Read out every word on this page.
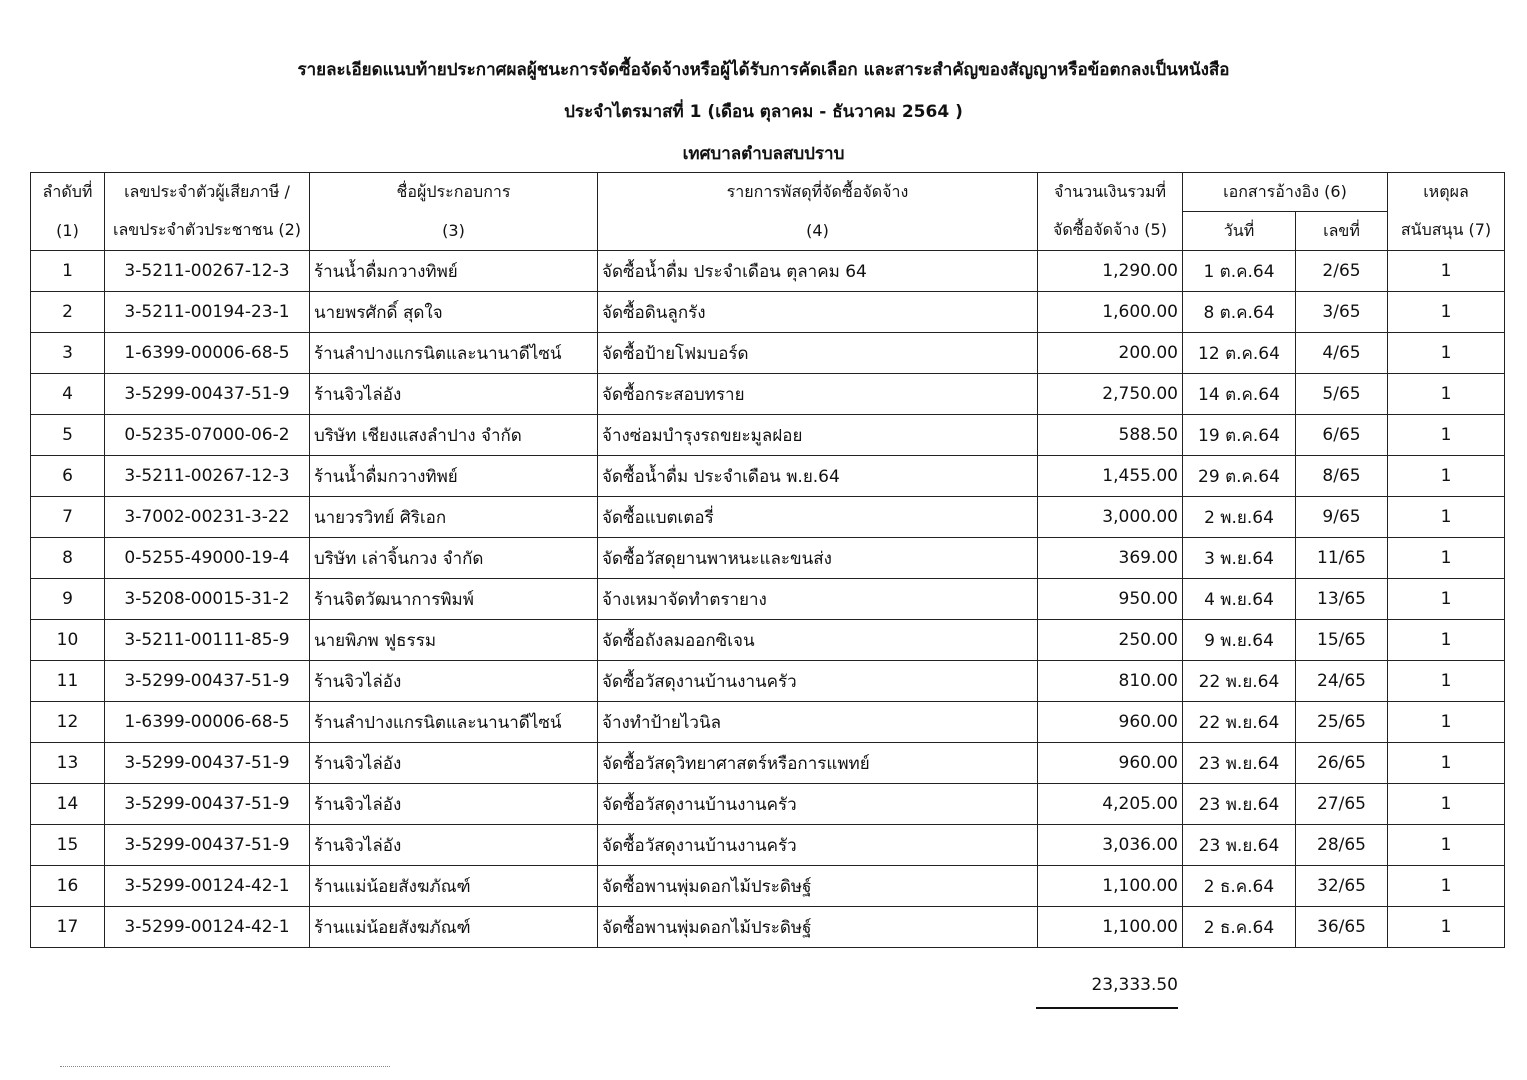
รายละเอียดแนบท้ายประกาศผลผู้ชนะการจัดซื้อจัดจ้างหรือผู้ได้รับการคัดเลือก และสาระสำคัญของสัญญาหรือข้อตกลงเป็นหนังสือ
ประจำไตรมาสที่ 1 (เดือน ตุลาคม - ธันวาคม 2564 )
เทศบาลตำบลสบปราบ
ลำดับที่	เลขประจำตัวผู้เสียภาษี /	ชื่อผู้ประกอบการ	รายการพัสดุที่จัดซื้อจัดจ้าง	จำนวนเงินรวมที่	เอกสารอ้างอิง (6)		เหตุผล
(1)	เลขประจำตัวประชาชน (2)	(3)	(4)	จัดซื้อจัดจ้าง (5)	วันที่	เลขที่	สนับสนุน (7)
1	3-5211-00267-12-3	ร้านน้ำดื่มกวางทิพย์	จัดซื้อน้ำดื่ม ประจำเดือน ตุลาคม 64	1,290.00	1 ต.ค.64	2/65	1
2	3-5211-00194-23-1	นายพรศักดิ์ สุดใจ	จัดซื้อดินลูกรัง	1,600.00	8 ต.ค.64	3/65	1
3	1-6399-00006-68-5	ร้านลำปางแกรนิตและนานาดีไซน์	จัดซื้อป้ายโฟมบอร์ด	200.00	12 ต.ค.64	4/65	1
4	3-5299-00437-51-9	ร้านจิวไล่อัง	จัดซื้อกระสอบทราย	2,750.00	14 ต.ค.64	5/65	1
5	0-5235-07000-06-2	บริษัท เชียงแสงลำปาง จำกัด	จ้างซ่อมบำรุงรถขยะมูลฝอย	588.50	19 ต.ค.64	6/65	1
6	3-5211-00267-12-3	ร้านน้ำดื่มกวางทิพย์	จัดซื้อน้ำดื่ม ประจำเดือน พ.ย.64	1,455.00	29 ต.ค.64	8/65	1
7	3-7002-00231-3-22	นายวรวิทย์ ศิริเอก	จัดซื้อแบตเตอรี่	3,000.00	2 พ.ย.64	9/65	1
8	0-5255-49000-19-4	บริษัท เล่าจิ้นกวง จำกัด	จัดซื้อวัสดุยานพาหนะและขนส่ง	369.00	3 พ.ย.64	11/65	1
9	3-5208-00015-31-2	ร้านจิตวัฒนาการพิมพ์	จ้างเหมาจัดทำตรายาง	950.00	4 พ.ย.64	13/65	1
10	3-5211-00111-85-9	นายพิภพ ฟูธรรม	จัดซื้อถังลมออกซิเจน	250.00	9 พ.ย.64	15/65	1
11	3-5299-00437-51-9	ร้านจิวไล่อัง	จัดซื้อวัสดุงานบ้านงานครัว	810.00	22 พ.ย.64	24/65	1
12	1-6399-00006-68-5	ร้านลำปางแกรนิตและนานาดีไซน์	จ้างทำป้ายไวนิล	960.00	22 พ.ย.64	25/65	1
13	3-5299-00437-51-9	ร้านจิวไล่อัง	จัดซื้อวัสดุวิทยาศาสตร์หรือการแพทย์	960.00	23 พ.ย.64	26/65	1
14	3-5299-00437-51-9	ร้านจิวไล่อัง	จัดซื้อวัสดุงานบ้านงานครัว	4,205.00	23 พ.ย.64	27/65	1
15	3-5299-00437-51-9	ร้านจิวไล่อัง	จัดซื้อวัสดุงานบ้านงานครัว	3,036.00	23 พ.ย.64	28/65	1
16	3-5299-00124-42-1	ร้านแม่น้อยสังฆภัณฑ์	จัดซื้อพานพุ่มดอกไม้ประดิษฐ์	1,100.00	2 ธ.ค.64	32/65	1
17	3-5299-00124-42-1	ร้านแม่น้อยสังฆภัณฑ์	จัดซื้อพานพุ่มดอกไม้ประดิษฐ์	1,100.00	2 ธ.ค.64	36/65	1
23,333.50
